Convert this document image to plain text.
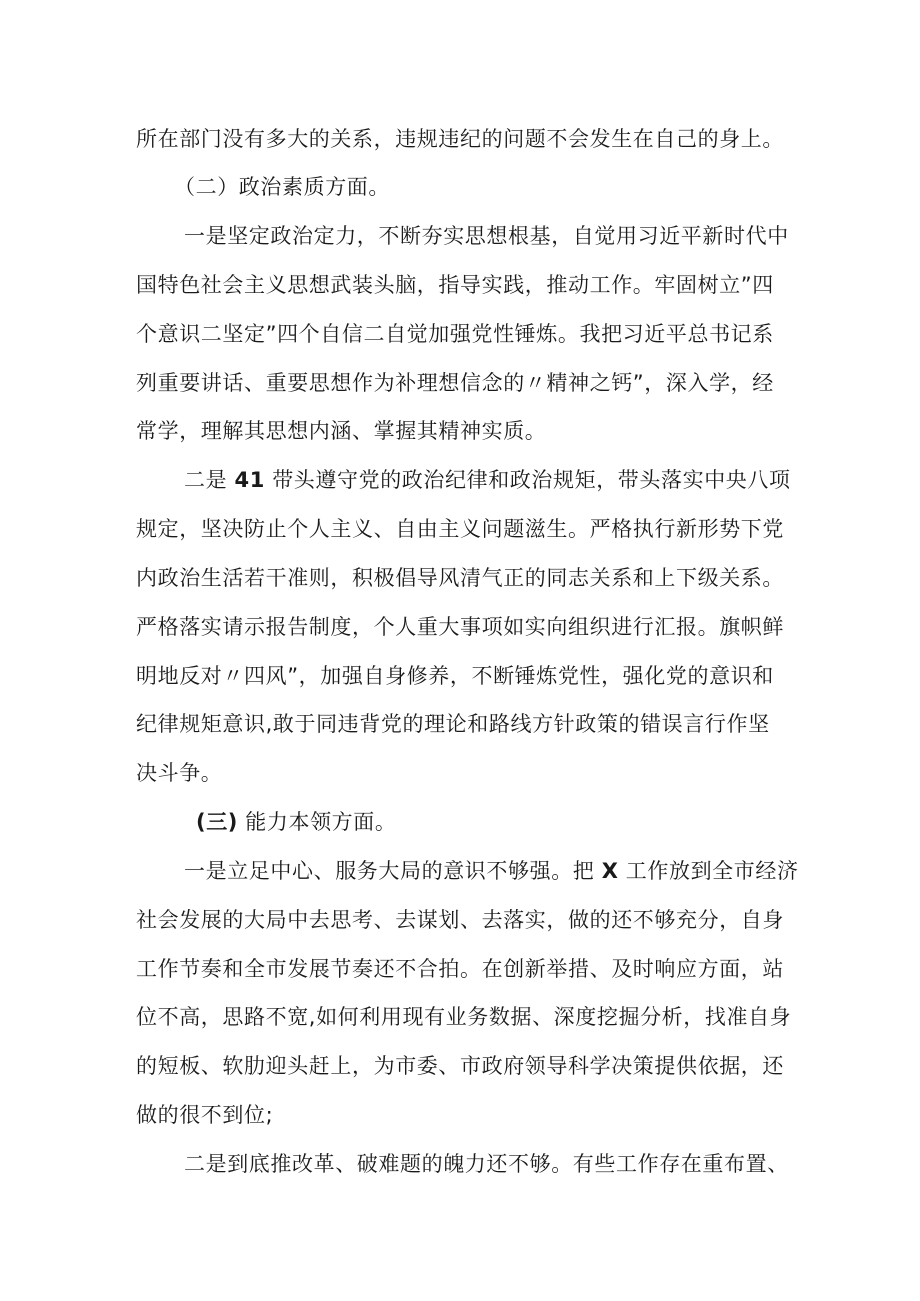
所在部门没有多大的关系，违规违纪的问题不会发生在自己的身上。
（二）政治素质方面。
一是坚定政治定力，不断夯实思想根基，自觉用习近平新时代中
国特色社会主义思想武装头脑，指导实践，推动工作。牢固树立”四
个意识二坚定”四个自信二自觉加强党性锤炼。我把习近平总书记系
列重要讲话、重要思想作为补理想信念的〃精神之钙”，深入学，经
常学，理解其思想内涵、掌握其精神实质。
二是 41 带头遵守党的政治纪律和政治规矩，带头落实中央八项
规定，坚决防止个人主义、自由主义问题滋生。严格执行新形势下党
内政治生活若干准则，积极倡导风清气正的同志关系和上下级关系。
严格落实请示报告制度，个人重大事项如实向组织进行汇报。旗帜鲜
明地反对〃四风”，加强自身修养，不断锤炼党性，强化党的意识和
纪律规矩意识,敢于同违背党的理论和路线方针政策的错误言行作坚
决斗争。
(三) 能力本领方面。
一是立足中心、服务大局的意识不够强。把 X 工作放到全市经济
社会发展的大局中去思考、去谋划、去落实，做的还不够充分，自身
工作节奏和全市发展节奏还不合拍。在创新举措、及时响应方面，站
位不高，思路不宽,如何利用现有业务数据、深度挖掘分析，找准自身
的短板、软肋迎头赶上，为市委、市政府领导科学决策提供依据，还
做的很不到位;
二是到底推改革、破难题的魄力还不够。有些工作存在重布置、
